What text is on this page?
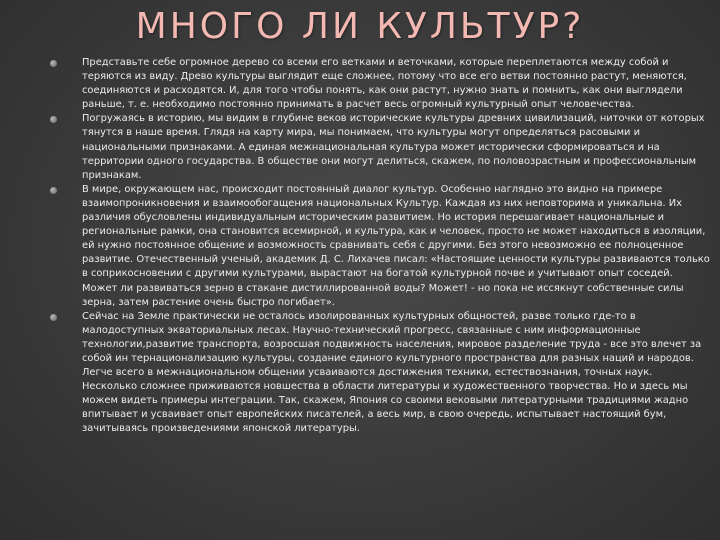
МНОГО ЛИ КУЛЬТУР?
Представьте себе огромное дерево со всеми его ветками и веточками, которые переплетаются между собой и теряются из виду. Древо культуры выглядит еще сложнее, потому что все его ветви постоянно растут, меняются, соединяются и расходятся. И, для того чтобы понять, как они растут, нужно знать и помнить, как они выглядели раньше, т. е. необходимо постоянно принимать в расчет весь огромный культурный опыт человечества.
Погружаясь в историю, мы видим в глубине веков исторические культуры древних цивилизаций, ниточки от которых тянутся в наше время. Глядя на карту мира, мы понимаем, что культуры могут определяться расовыми и национальными признаками. А единая межнациональная культура может исторически сформироваться и на территории одного государства. В обществе они могут делиться, скажем, по половозрастным и профессиональным признакам.
В мире, окружающем нас, происходит постоянный диалог культур. Особенно наглядно это видно на примере взаимопроникновения и взаимообогащения национальных Культур. Каждая из них неповторима и уникальна. Их различия обусловлены индивидуальным историческим развитием. Но история перешагивает национальные и региональные рамки, она становится всемирной, и культура, как и человек, просто не может находиться в изоляции, ей нужно постоянное общение и возможность сравнивать себя с другими. Без этого невозможно ее полноценное развитие. Отечественный ученый, академик Д. С. Лихачев писал: «Настоящие ценности культуры развиваются только в соприкосновении с другими культурами, вырастают на богатой культурной почве и учитывают опыт соседей. Может ли развиваться зерно в стакане дистиллированной воды? Может! - но пока не иссякнут собственные силы зерна, затем растение очень быстро погибает».
Сейчас на Земле практически не осталось изолированных культурных общностей, разве только где-то в малодоступных экваториальных лесах. Научно-технический прогресс, связанные с ним информационные технологии,развитие транспорта, возросшая подвижность населения, мировое разделение труда - все это влечет за собой ин тернационализацию культуры, создание единого культурного пространства для разных наций и народов. Легче всего в межнациональном общении усваиваются достижения техники, естествознания, точных наук. Несколько сложнее приживаются новшества в области литературы и художественного творчества. Но и здесь мы можем видеть примеры интеграции. Так, скажем, Япония со своими вековыми литературными традициями жадно впитывает и усваивает опыт европейских писателей, а весь мир, в свою очередь, испытывает настоящий бум, зачитываясь произведениями японской литературы.
